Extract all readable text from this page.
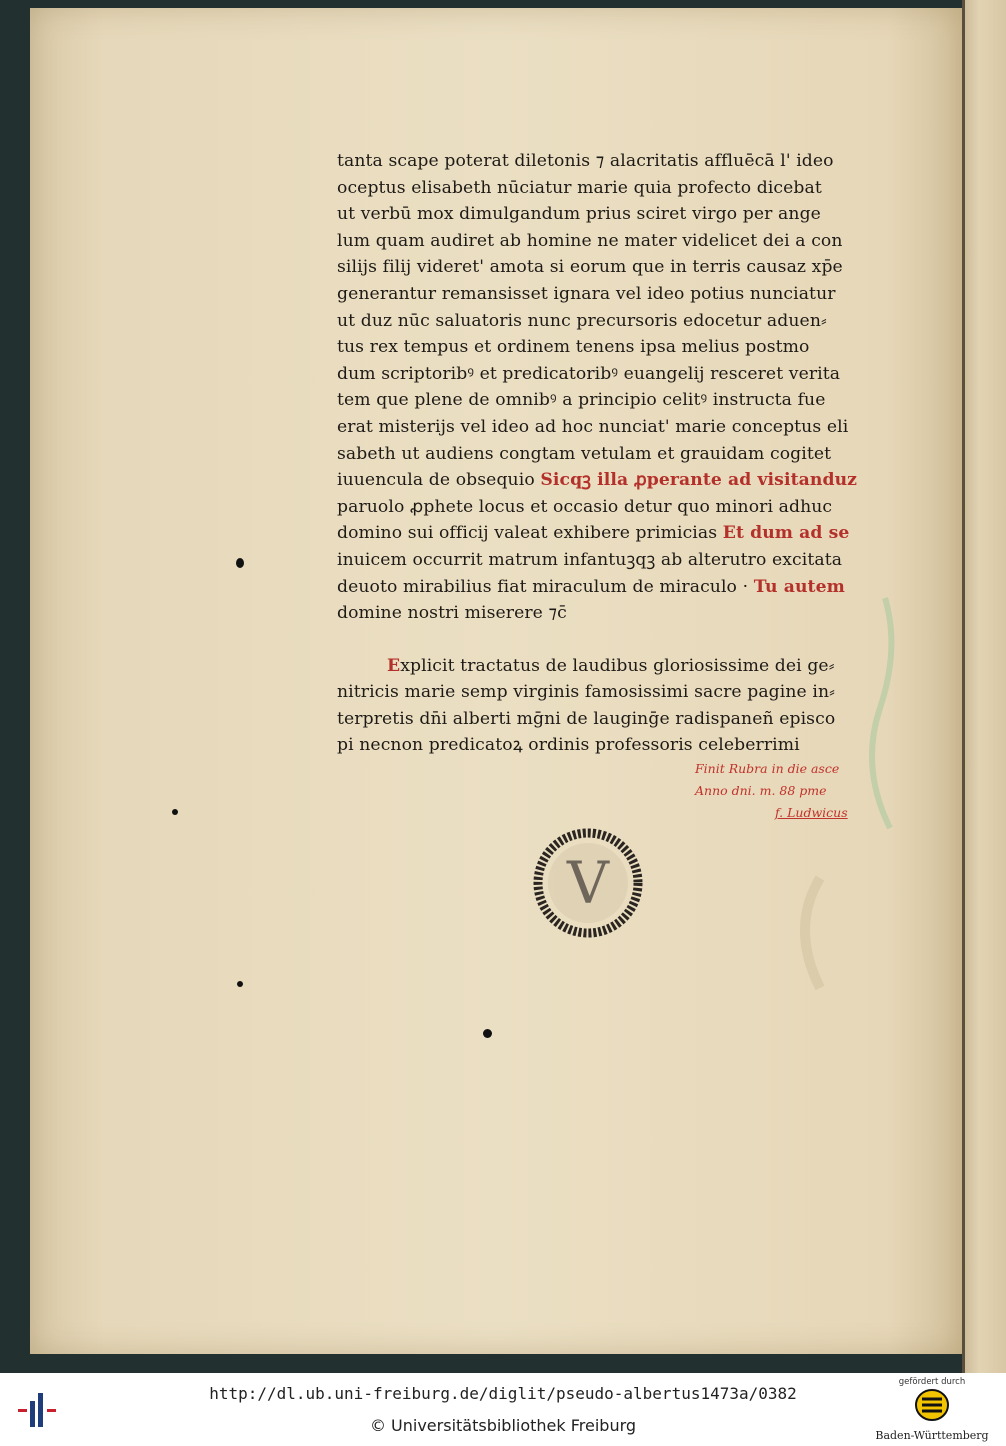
tanta scape poterat diletonis ⁊ alacritatis affluēcā l' ideo
oceptus elisabeth nūciatur marie quia profecto dicebat
ut verbū mox dimulgandum prius sciret virgo per ange
lum quam audiret ab homine ne mater videlicet dei a con
silijs filij videret' amota si eorum que in terris causaz xp̄e
generantur remansisset ignara vel ideo potius nunciatur
ut duz nūc saluatoris nunc precursoris edocetur aduen⸗
tus rex tempus et ordinem tenens ipsa melius postmo
dum scriptoribꝰ et predicatoribꝰ euangelij resceret verita
tem que plene de omnibꝰ a principio celitꝰ instructa fue
erat misterijs vel ideo ad hoc nunciat' marie conceptus eli
sabeth ut audiens congtam vetulam et grauidam cogitet
iuuencula de obsequio Sicqꝫ illa ꝓperante ad visitanduz
paruolo ꝓphete locus et occasio detur quo minori adhuc
domino sui officij valeat exhibere primicias Et dum ad se
inuicem occurrit matrum infantuꝫqꝫ ab alterutro excitata
deuoto mirabilius fiat miraculum de miraculo · Tu autem
domine nostri miserere ⁊c̄
Explicit tractatus de laudibus gloriosissime dei ge⸗
nitricis marie semp virginis famosissimi sacre pagine in⸗
terpretis dn̄i alberti mḡni de lauginḡe radispaneñ episco
pi necnon predicatoꝝ ordinis professoris celeberrimi
Finit Rubra in die asce
Anno dni. m. 88 pme
f. Ludwicus
V
http://dl.ub.uni-freiburg.de/diglit/pseudo-albertus1473a/0382
© Universitätsbibliothek Freiburg
gefördert durch
Baden-Württemberg
